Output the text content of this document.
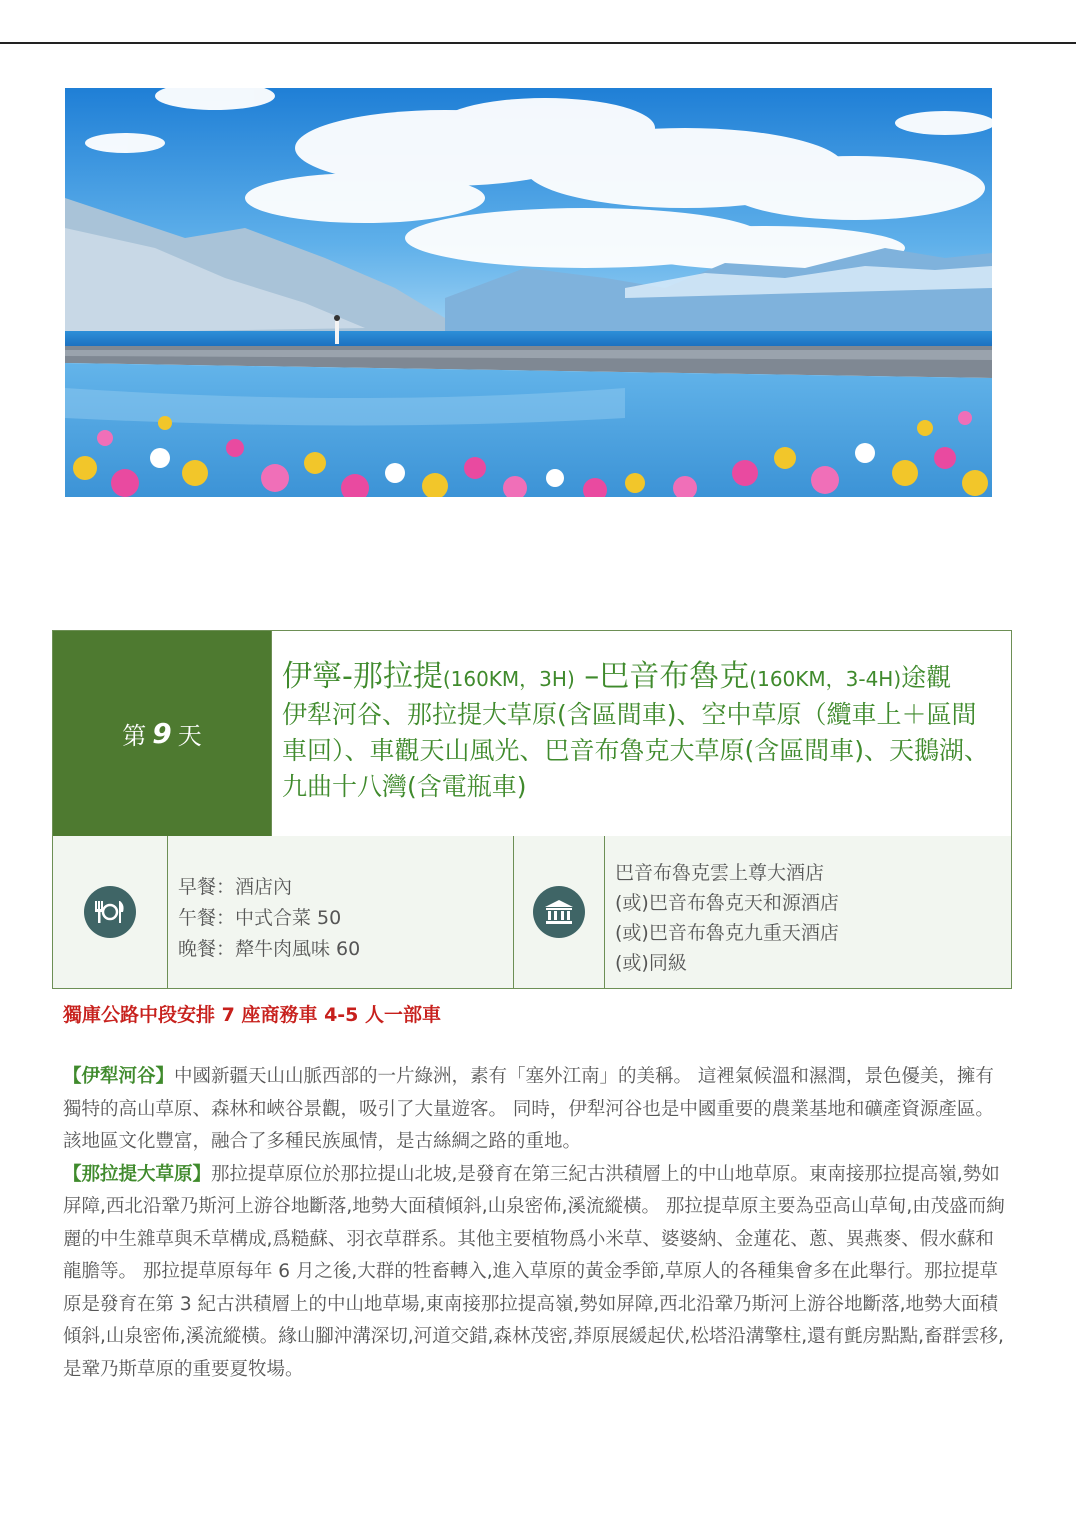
第 9 天
伊寧-那拉提(160KM，3H) –巴音布魯克(160KM，3-4H)途觀
伊犁河谷、那拉提大草原(含區間車)、空中草原（纜車上＋區間
車回）、車觀天山風光、巴音布魯克大草原(含區間車)、天鵝湖、
九曲十八灣(含電瓶車)
早餐：酒店內
午餐：中式合菜 50
晚餐：犛牛肉風味 60
巴音布魯克雲上尊大酒店
(或)巴音布魯克天和源酒店
(或)巴音布魯克九重天酒店
(或)同級
獨庫公路中段安排 7 座商務車 4-5 人一部車

【伊犁河谷】中國新疆天山山脈西部的一片綠洲，素有「塞外江南」的美稱。 這裡氣候溫和濕潤，景色優美，擁有獨特的高山草原、森林和峽谷景觀，吸引了大量遊客。 同時，伊犁河谷也是中國重要的農業基地和礦產資源產區。 該地區文化豐富，融合了多種民族風情，是古絲綢之路的重地。

【那拉提大草原】那拉提草原位於那拉提山北坡,是發育在第三紀古洪積層上的中山地草原。東南接那拉提高嶺,勢如屏障,西北沿鞏乃斯河上游谷地斷落,地勢大面積傾斜,山泉密佈,溪流縱橫。 那拉提草原主要為亞高山草甸,由茂盛而絢麗的中生雜草與禾草構成,爲糙蘇、羽衣草群系。其他主要植物爲小米草、婆婆納、金蓮花、蔥、異燕麥、假水蘇和龍膽等。 那拉提草原每年 6 月之後,大群的牲畜轉入,進入草原的黃金季節,草原人的各種集會多在此舉行。那拉提草原是發育在第 3 紀古洪積層上的中山地草場,東南接那拉提高嶺,勢如屏障,西北沿鞏乃斯河上游谷地斷落,地勢大面積傾斜,山泉密佈,溪流縱橫。緣山腳沖溝深切,河道交錯,森林茂密,莽原展緩起伏,松塔沿溝擎柱,還有氈房點點,畜群雲移,是鞏乃斯草原的重要夏牧場。
